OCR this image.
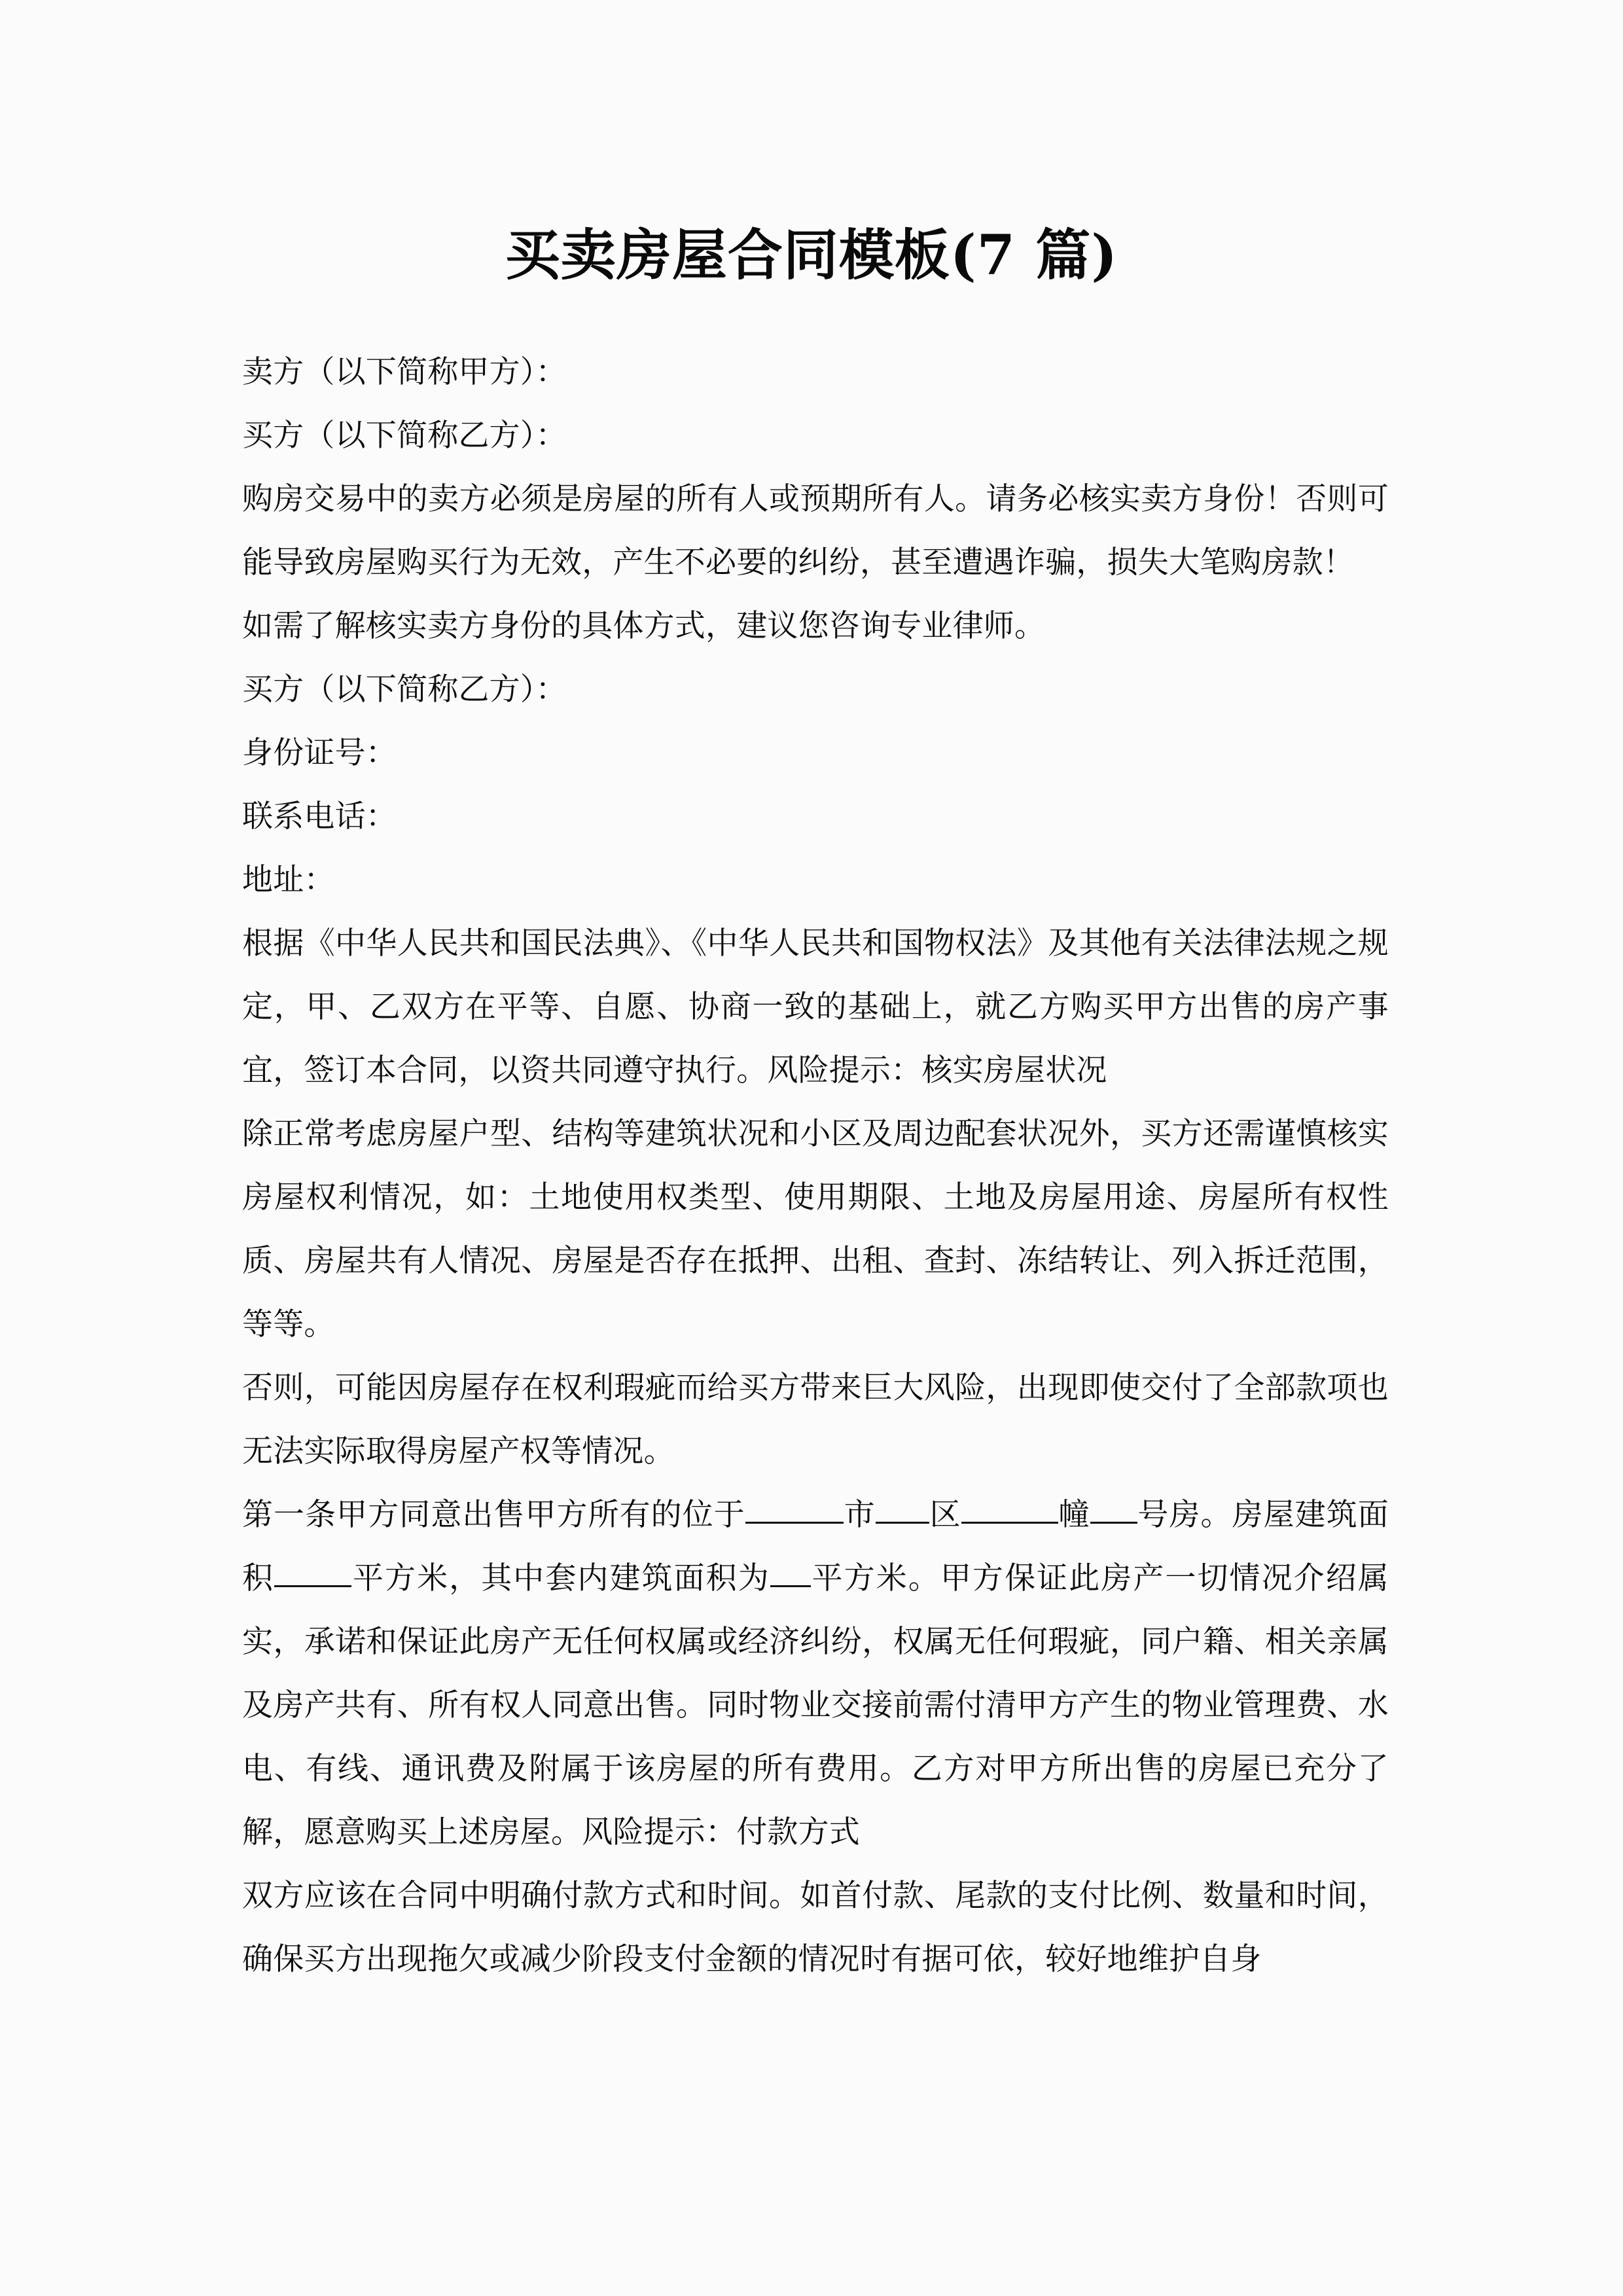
买卖房屋合同模板(7 篇)

卖方（以下简称甲方）：

买方（以下简称乙方）：

购房交易中的卖方必须是房屋的所有人或预期所有人。请务必核实卖方身份！否则可能导致房屋购买行为无效，产生不必要的纠纷，甚至遭遇诈骗，损失大笔购房款！

如需了解核实卖方身份的具体方式，建议您咨询专业律师。

买方（以下简称乙方）：

身份证号：

联系电话：

地址：

根据《中华人民共和国民法典》、《中华人民共和国物权法》及其他有关法律法规之规定，甲、乙双方在平等、自愿、协商一致的基础上，就乙方购买甲方出售的房产事宜，签订本合同，以资共同遵守执行。风险提示：核实房屋状况

除正常考虑房屋户型、结构等建筑状况和小区及周边配套状况外，买方还需谨慎核实房屋权利情况，如：土地使用权类型、使用期限、土地及房屋用途、房屋所有权性质、房屋共有人情况、房屋是否存在抵押、出租、查封、冻结转让、列入拆迁范围，等等。

否则，可能因房屋存在权利瑕疵而给买方带来巨大风险，出现即使交付了全部款项也无法实际取得房屋产权等情况。

第一条甲方同意出售甲方所有的位于	市 区	幢 号房。房屋建筑面积	平方米，其中套内建筑面积为 平方米。甲方保证此房产一切情况介绍属实，承诺和保证此房产无任何权属或经济纠纷，权属无任何瑕疵，同户籍、相关亲属及房产共有、所有权人同意出售。同时物业交接前需付清甲方产生的物业管理费、水电、有线、通讯费及附属于该房屋的所有费用。乙方对甲方所出售的房屋已充分了解，愿意购买上述房屋。风险提示：付款方式

双方应该在合同中明确付款方式和时间。如首付款、尾款的支付比例、数量和时间，确保买方出现拖欠或减少阶段支付金额的情况时有据可依，较好地维护自身
